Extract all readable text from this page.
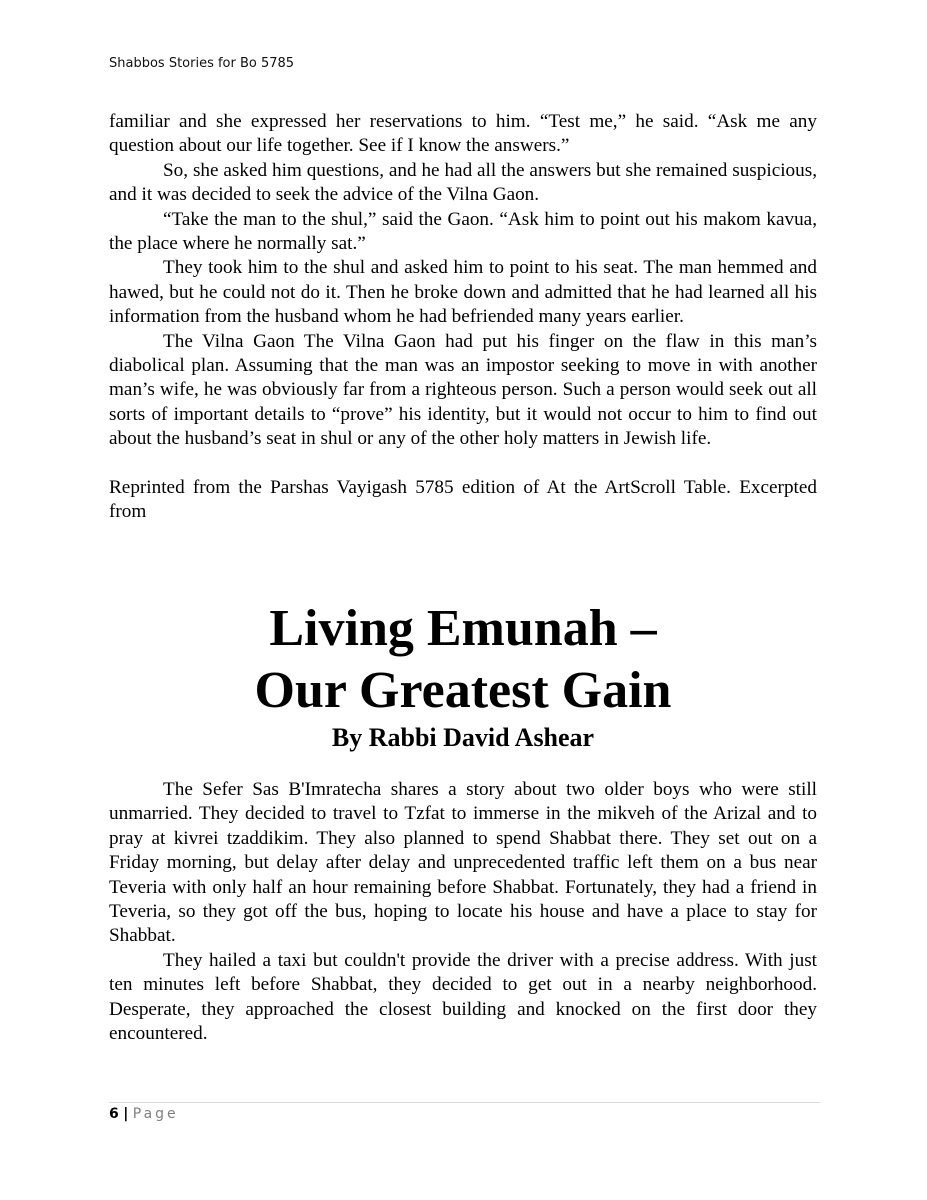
Shabbos Stories for Bo 5785

familiar and she expressed her reservations to him. “Test me,” he said. “Ask me any question about our life together. See if I know the answers.”

So, she asked him questions, and he had all the answers but she remained suspicious, and it was decided to seek the advice of the Vilna Gaon.

“Take the man to the shul,” said the Gaon. “Ask him to point out his makom kavua, the place where he normally sat.”

They took him to the shul and asked him to point to his seat. The man hemmed and hawed, but he could not do it. Then he broke down and admitted that he had learned all his information from the husband whom he had befriended many years earlier.

The Vilna Gaon The Vilna Gaon had put his finger on the flaw in this man’s diabolical plan. Assuming that the man was an impostor seeking to move in with another man’s wife, he was obviously far from a righteous person. Such a person would seek out all sorts of important details to “prove” his identity, but it would not occur to him to find out about the husband’s seat in shul or any of the other holy matters in Jewish life.

Reprinted from the Parshas Vayigash 5785 edition of At the ArtScroll Table. Excerpted from

Living Emunah –
Our Greatest Gain
By Rabbi David Ashear

The Sefer Sas B'Imratecha shares a story about two older boys who were still unmarried. They decided to travel to Tzfat to immerse in the mikveh of the Arizal and to pray at kivrei tzaddikim. They also planned to spend Shabbat there. They set out on a Friday morning, but delay after delay and unprecedented traffic left them on a bus near Teveria with only half an hour remaining before Shabbat. Fortunately, they had a friend in Teveria, so they got off the bus, hoping to locate his house and have a place to stay for Shabbat.

They hailed a taxi but couldn't provide the driver with a precise address. With just ten minutes left before Shabbat, they decided to get out in a nearby neighborhood. Desperate, they approached the closest building and knocked on the first door they encountered.

6 | Page
